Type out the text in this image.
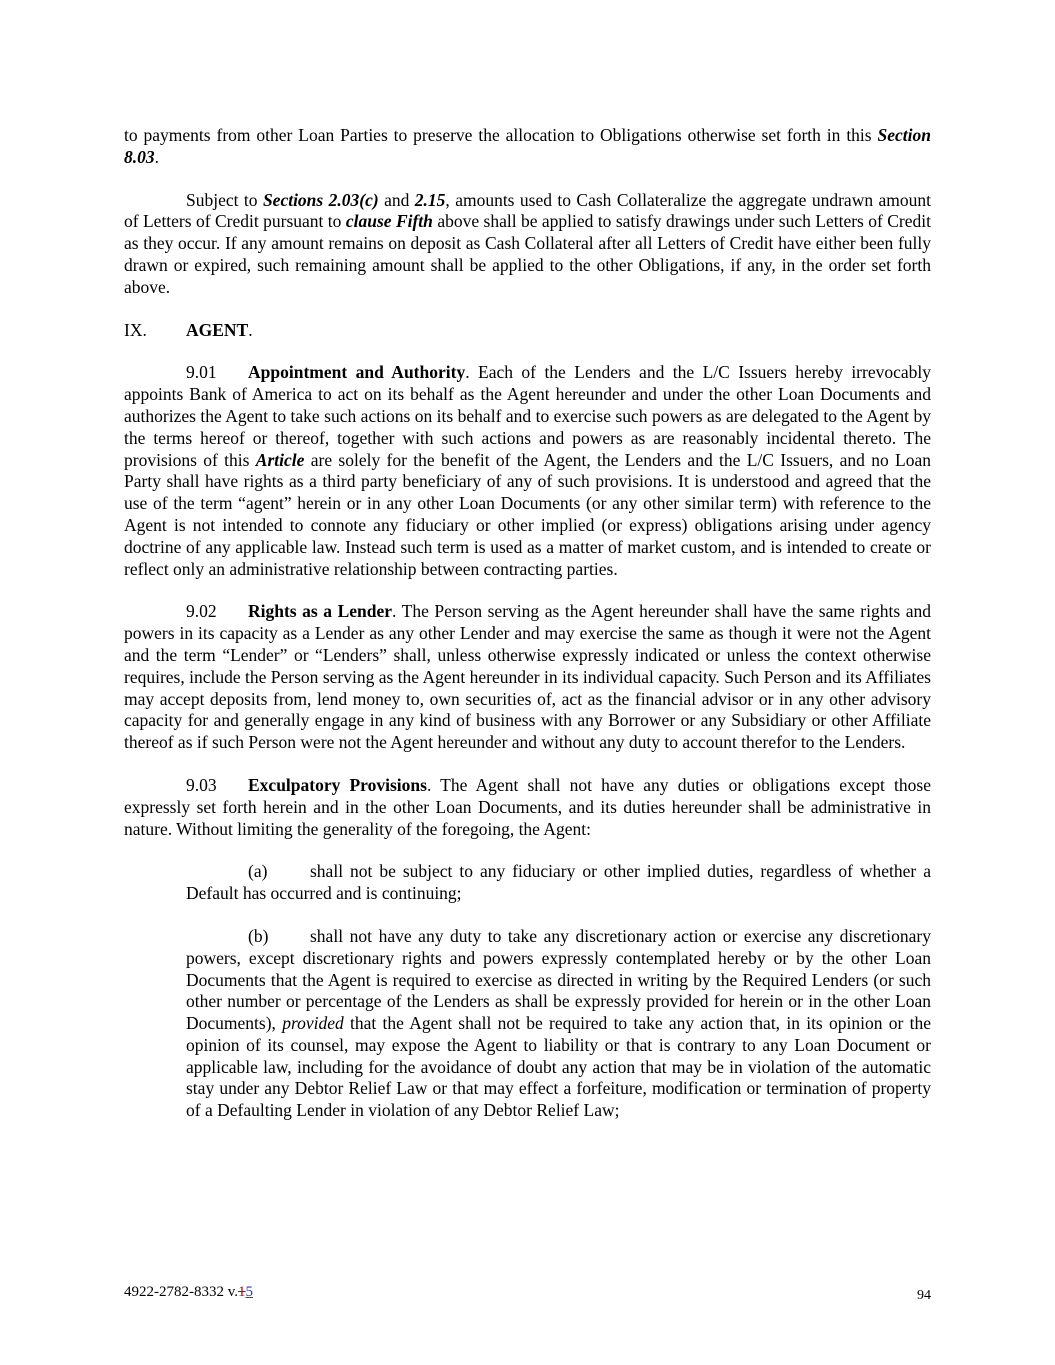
to payments from other Loan Parties to preserve the allocation to Obligations otherwise set forth in this Section 8.03.

Subject to Sections 2.03(c) and 2.15, amounts used to Cash Collateralize the aggregate undrawn amount of Letters of Credit pursuant to clause Fifth above shall be applied to satisfy drawings under such Letters of Credit as they occur. If any amount remains on deposit as Cash Collateral after all Letters of Credit have either been fully drawn or expired, such remaining amount shall be applied to the other Obligations, if any, in the order set forth above.

IX. AGENT.

9.01 Appointment and Authority. Each of the Lenders and the L/C Issuers hereby irrevocably appoints Bank of America to act on its behalf as the Agent hereunder and under the other Loan Documents and authorizes the Agent to take such actions on its behalf and to exercise such powers as are delegated to the Agent by the terms hereof or thereof, together with such actions and powers as are reasonably incidental thereto. The provisions of this Article are solely for the benefit of the Agent, the Lenders and the L/C Issuers, and no Loan Party shall have rights as a third party beneficiary of any of such provisions. It is understood and agreed that the use of the term “agent” herein or in any other Loan Documents (or any other similar term) with reference to the Agent is not intended to connote any fiduciary or other implied (or express) obligations arising under agency doctrine of any applicable law. Instead such term is used as a matter of market custom, and is intended to create or reflect only an administrative relationship between contracting parties.

9.02 Rights as a Lender. The Person serving as the Agent hereunder shall have the same rights and powers in its capacity as a Lender as any other Lender and may exercise the same as though it were not the Agent and the term “Lender” or “Lenders” shall, unless otherwise expressly indicated or unless the context otherwise requires, include the Person serving as the Agent hereunder in its individual capacity. Such Person and its Affiliates may accept deposits from, lend money to, own securities of, act as the financial advisor or in any other advisory capacity for and generally engage in any kind of business with any Borrower or any Subsidiary or other Affiliate thereof as if such Person were not the Agent hereunder and without any duty to account therefor to the Lenders.

9.03 Exculpatory Provisions. The Agent shall not have any duties or obligations except those expressly set forth herein and in the other Loan Documents, and its duties hereunder shall be administrative in nature. Without limiting the generality of the foregoing, the Agent:

(a) shall not be subject to any fiduciary or other implied duties, regardless of whether a Default has occurred and is continuing;

(b) shall not have any duty to take any discretionary action or exercise any discretionary powers, except discretionary rights and powers expressly contemplated hereby or by the other Loan Documents that the Agent is required to exercise as directed in writing by the Required Lenders (or such other number or percentage of the Lenders as shall be expressly provided for herein or in the other Loan Documents), provided that the Agent shall not be required to take any action that, in its opinion or the opinion of its counsel, may expose the Agent to liability or that is contrary to any Loan Document or applicable law, including for the avoidance of doubt any action that may be in violation of the automatic stay under any Debtor Relief Law or that may effect a forfeiture, modification or termination of property of a Defaulting Lender in violation of any Debtor Relief Law;

4922-2782-8332 v.15	94
